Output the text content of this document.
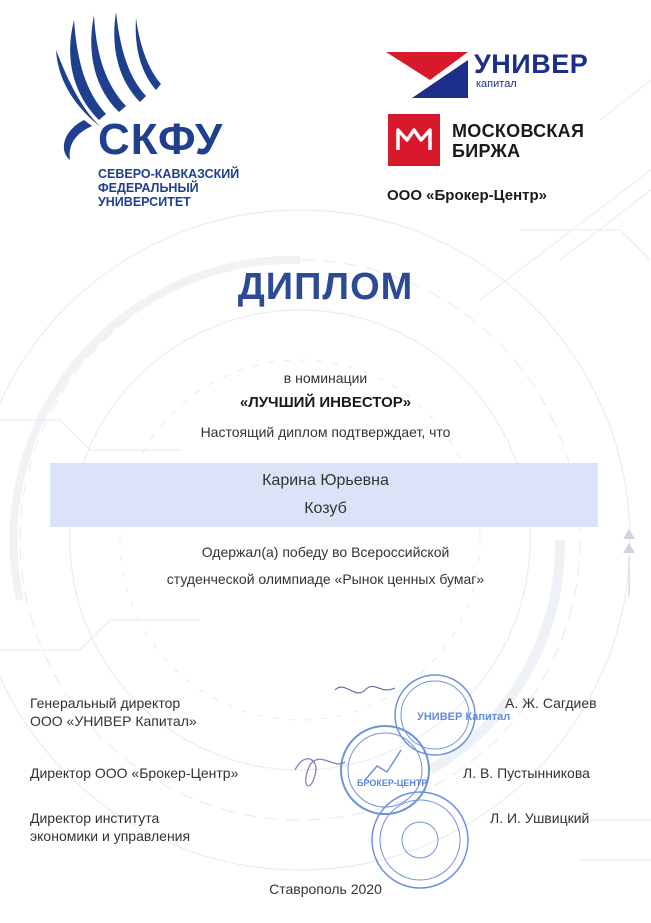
СКФУ
СЕВЕРО-КАВКАЗСКИЙ
ФЕДЕРАЛЬНЫЙ
УНИВЕРСИТЕТ
УНИВЕР
капитал
МОСКОВСКАЯ
БИРЖА
ООО «Брокер-Центр»
ДИПЛОМ
в номинации
«ЛУЧШИЙ ИНВЕСТОР»
Настоящий диплом подтверждает, что
Карина Юрьевна
Козуб
Одержал(а) победу во Всероссийской
студенческой олимпиаде «Рынок ценных бумаг»
Генеральный директор
ООО «УНИВЕР Капитал»
А. Ж. Сагдиев
Директор ООО «Брокер-Центр»	Л. В. Пустынникова
Директор института
экономики и управления
Л. И. Ушвицкий
УНИВЕР Капитал
БРОКЕР-ЦЕНТР
Ставрополь 2020
